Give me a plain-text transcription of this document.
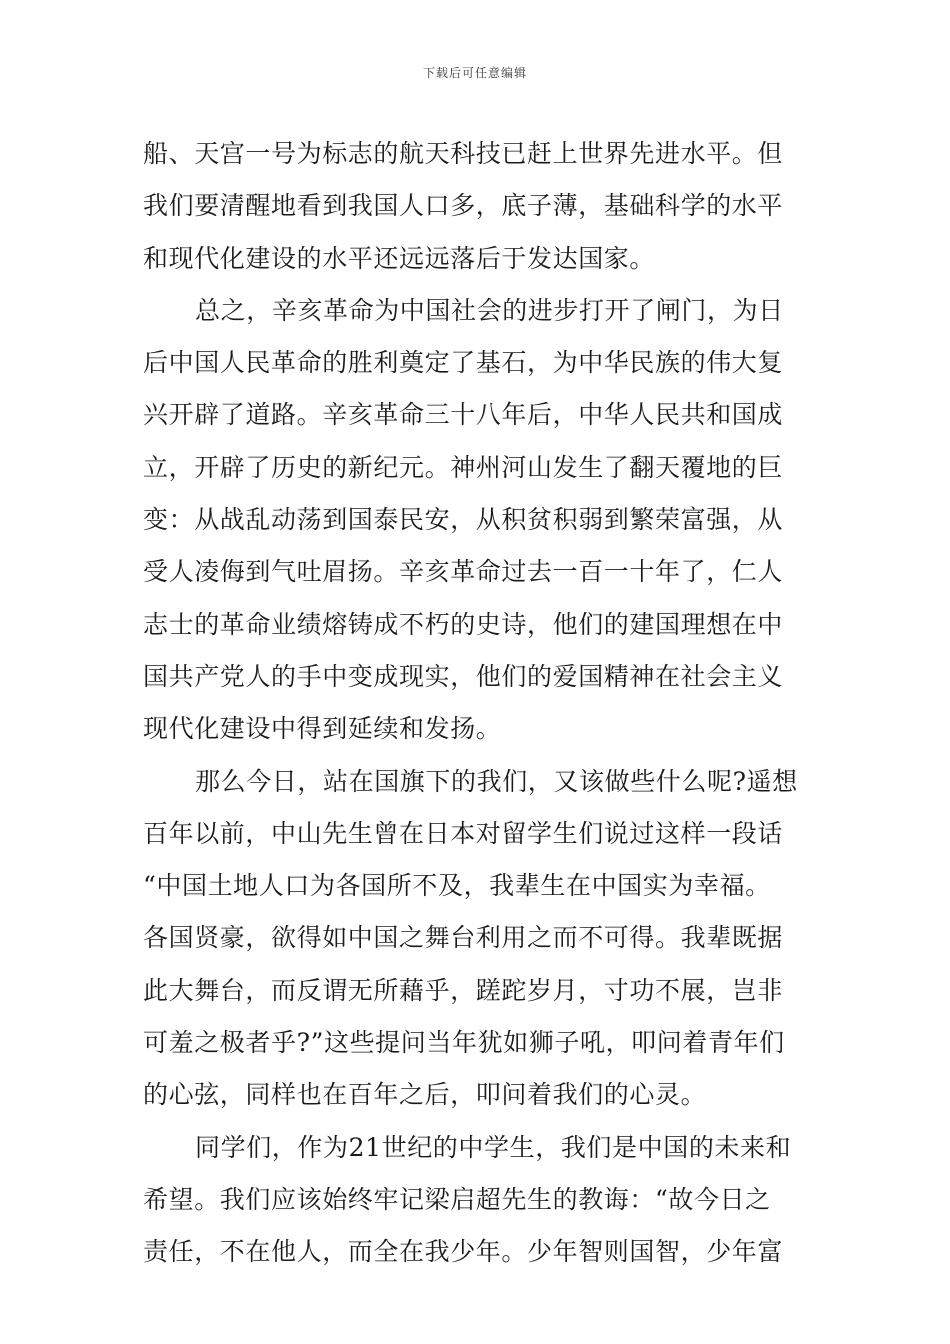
下载后可任意编辑
船、天宫一号为标志的航天科技已赶上世界先进水平。但
我们要清醒地看到我国人口多，底子薄，基础科学的水平
和现代化建设的水平还远远落后于发达国家。
总之，辛亥革命为中国社会的进步打开了闸门，为日
后中国人民革命的胜利奠定了基石，为中华民族的伟大复
兴开辟了道路。辛亥革命三十八年后，中华人民共和国成
立，开辟了历史的新纪元。神州河山发生了翻天覆地的巨
变：从战乱动荡到国泰民安，从积贫积弱到繁荣富强，从
受人凌侮到气吐眉扬。辛亥革命过去一百一十年了，仁人
志士的革命业绩熔铸成不朽的史诗，他们的建国理想在中
国共产党人的手中变成现实，他们的爱国精神在社会主义
现代化建设中得到延续和发扬。
那么今日，站在国旗下的我们，又该做些什么呢?遥想
百年以前，中山先生曾在日本对留学生们说过这样一段话
“中国土地人口为各国所不及，我辈生在中国实为幸福。
各国贤豪，欲得如中国之舞台利用之而不可得。我辈既据
此大舞台，而反谓无所藉乎，蹉跎岁月，寸功不展，岂非
可羞之极者乎?”这些提问当年犹如狮子吼，叩问着青年们
的心弦，同样也在百年之后，叩问着我们的心灵。
同学们，作为21世纪的中学生，我们是中国的未来和
希望。我们应该始终牢记梁启超先生的教诲：“故今日之
责任，不在他人，而全在我少年。少年智则国智，少年富
